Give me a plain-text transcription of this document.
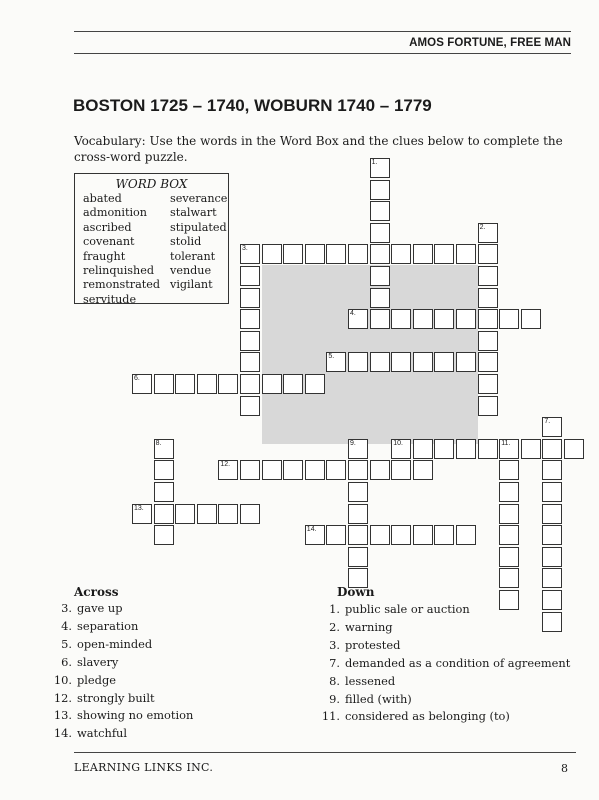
AMOS FORTUNE, FREE MAN
BOSTON 1725 – 1740, WOBURN 1740 – 1779
Vocabulary: Use the words in the Word Box and the clues below to complete the cross-word puzzle.
WORD BOX
abated
admonition
ascribed
covenant
fraught
relinquished
remonstrated
servitude
severance
stalwart
stipulated
stolid
tolerant
vendue
vigilant
1.
2.
3.
4.
5.
6.
7.
8.	9.	10.	11.
12.
13.
14.
Across
3. gave up
4. separation
5. open-minded
6. slavery
10. pledge
12. strongly built
13. showing no emotion
14. watchful
Down
1. public sale or auction
2. warning
3. protested
7. demanded as a condition of agreement
8. lessened
9. filled (with)
11. considered as belonging (to)
LEARNING LINKS INC.	8
